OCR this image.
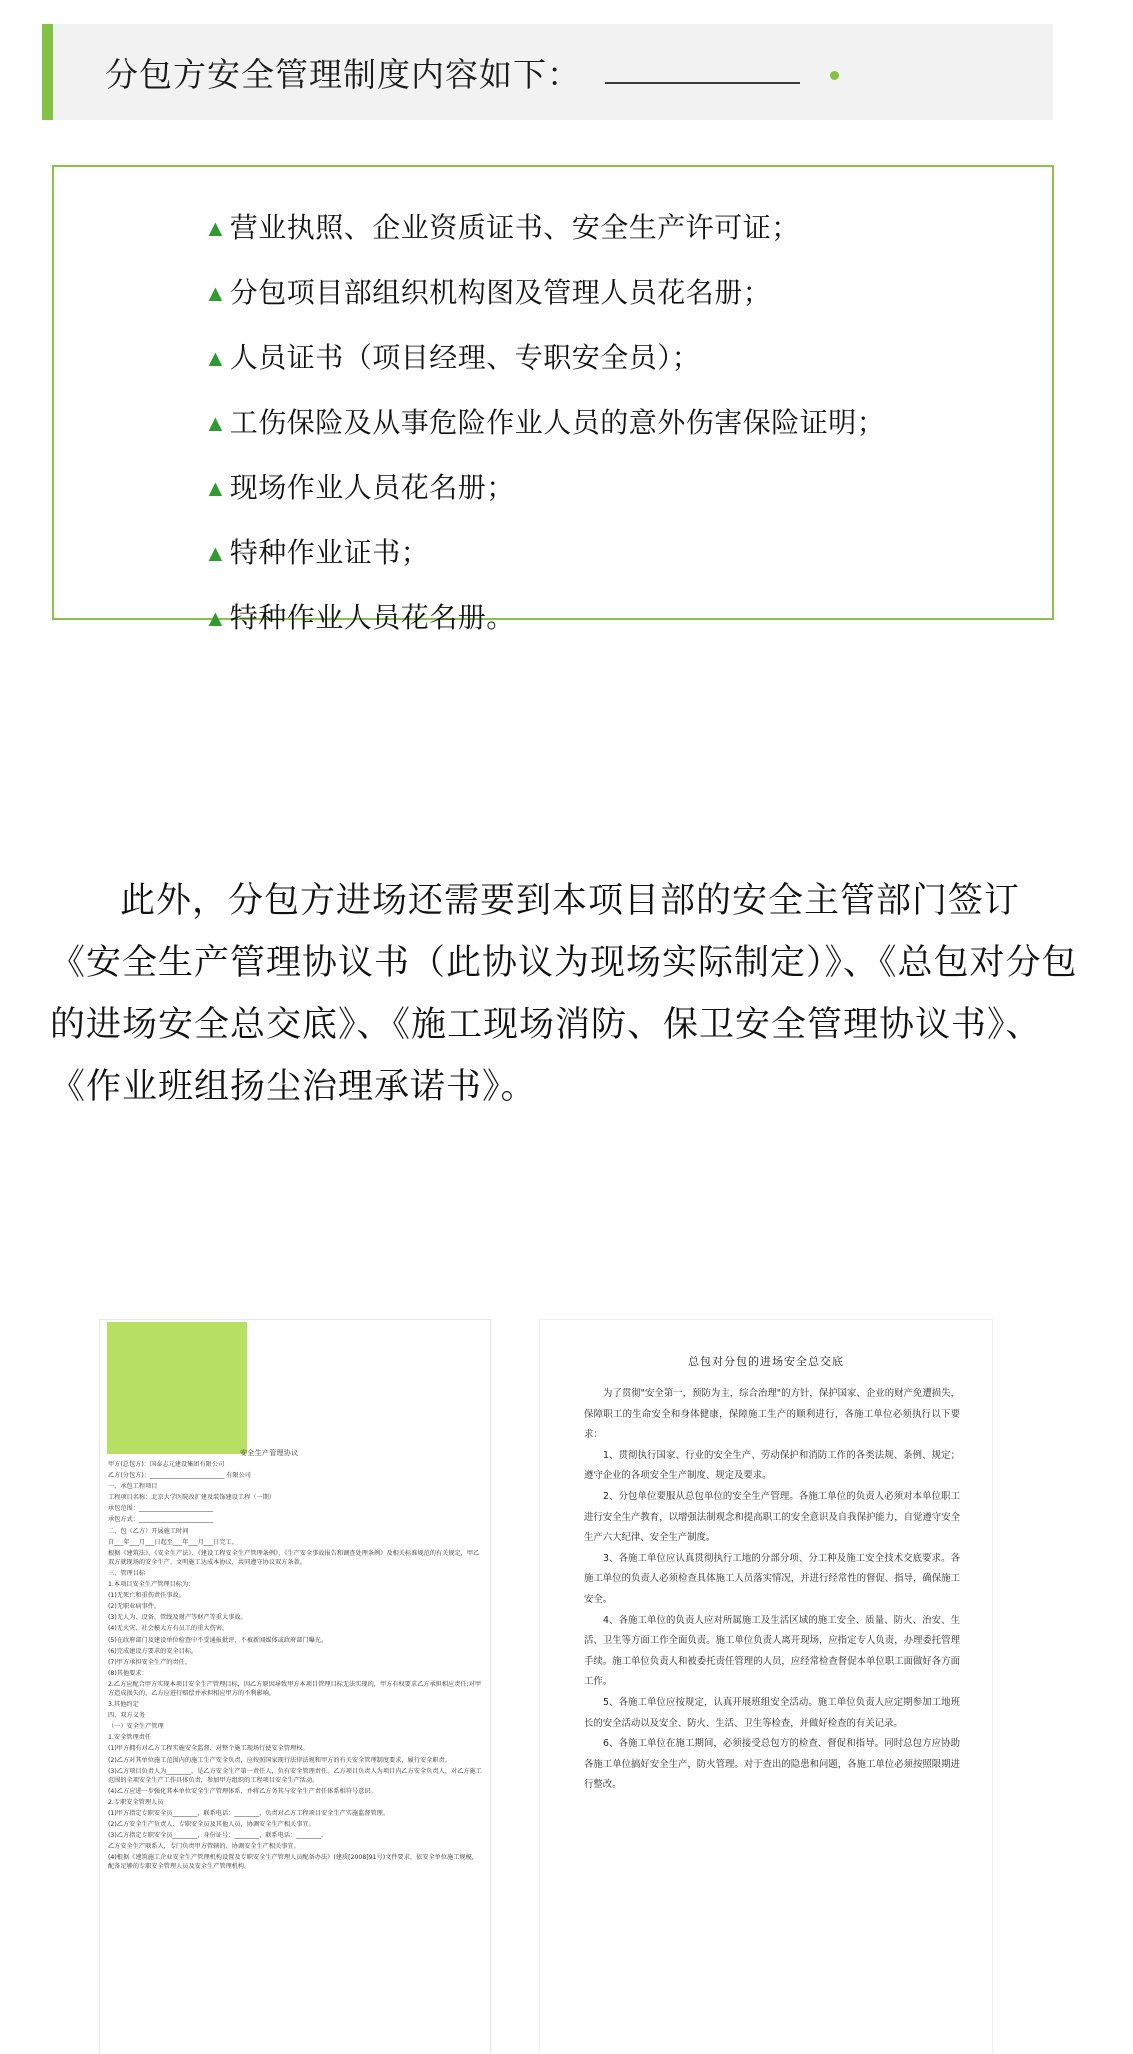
分包方安全管理制度内容如下：
▲ 营业执照、企业资质证书、安全生产许可证；
▲ 分包项目部组织机构图及管理人员花名册；
▲ 人员证书（项目经理、专职安全员）；
▲ 工伤保险及从事危险作业人员的意外伤害保险证明；
▲ 现场作业人员花名册；
▲ 特种作业证书；
▲ 特种作业人员花名册。
此外，分包方进场还需要到本项目部的安全主管部门签订《安全生产管理协议书（此协议为现场实际制定）》、《总包对分包的进场安全总交底》、《施工现场消防、保卫安全管理协议书》、《作业班组扬尘治理承诺书》。
安全生产管理协议

甲方(总包方)：国泰志元建设集团有限公司

乙方(分包方)：________________________ 有限公司

一、承包工程项目

工程项目名称：北京大学医院改扩建及装饰建设工程（一期）

承包范围：________________________

承包方式：________________________

二、包（乙方）开展施工时间

自___年___月___日起至___年___月___日完工。

根据《建筑法》、《安全生产法》、《建设工程安全生产管理条例》、《生产安全事故报告和调查处理条例》及相关标准规范的有关规定，甲乙双方就现场的安全生产、文明施工达成本协议，共同遵守协议双方条款。

三、管理目标

1.本项目安全生产管理目标为：

(1)无死亡和重伤责任事故。

(2)无职业病事件。

(3)无人为、设备、管线及财产等财产等重大事故。

(4)无火灾、社会模大方有员工的重大伤害。

(5)在政府部门及建设单位检查中不受通报批评、不被新闻媒体或政府部门曝光。

(6)完成建设方要求的安全目标。

(7)甲方承担安全生产的责任。

(8)其他要求：

2.乙方应配合甲方实现本项目安全生产管理目标，因乙方原因导致甲方本项目管理目标无法实现的，甲方有权要求乙方承担相应责任;对甲方造成损失的，乙方应进行赔偿并承担相应甲方的不利影响。

3.其他约定

四、双方义务

（一）安全生产管理

1.安全管理责任

(1)甲方拥有对乙方工程实施安全监督、对整个施工现场行使安全管理权。

(2)乙方对其单位施工范围内的施工生产安全负责，应按照国家现行法律法规和甲方的有关安全管理制度要求，履行安全职责。

(3)乙方项目负责人为________，是乙方安全生产第一责任人，负有安全管理责任。乙方项目负责人为项目内乙方安全负责人，对乙方施工范围的全项安全生产工作具体负责，参加甲方组织的工程项目安全生产活动。

(4)乙方应进一步强化其本单位安全生产管理体系，并将乙方务其与安全生产责任体系相符号意识。

2.专职安全管理人员

(1)甲方指定专职安全员________，联系电话：________，负责对乙方工程项目安全生产实施监督管理。

(2)乙方安全生产负责人、专职安全员及其他人员，协调安全生产相关事宜。

(3)乙方指定专职安全员________，身份证号：________，联系电话：________。

乙方安全生产联系人，专门负责甲方管辖的、协调安全生产相关事宜。

(4)根据《建筑施工企业安全生产管理机构设置及专职安全生产管理人员配备办法》(建质[2008]91号)文件要求，依安全单位施工规模，配备足够的专职安全管理人员及安全生产管理机构。

总包对分包的进场安全总交底

为了贯彻"安全第一，预防为主，综合治理"的方针，保护国家、企业的财产免遭损失，保障职工的生命安全和身体健康，保障施工生产的顺利进行，各施工单位必须执行以下要求：

1、贯彻执行国家、行业的安全生产、劳动保护和消防工作的各类法规、条例、规定；遵守企业的各项安全生产制度、规定及要求。

2、分包单位要服从总包单位的安全生产管理。各施工单位的负责人必须对本单位职工进行安全生产教育，以增强法制观念和提高职工的安全意识及自我保护能力，自觉遵守安全生产六大纪律、安全生产制度。

3、各施工单位应认真贯彻执行工地的分部分项、分工种及施工安全技术交底要求。各施工单位的负责人必须检查具体施工人员落实情况，并进行经常性的督促、指导，确保施工安全。

4、各施工单位的负责人应对所属施工及生活区域的施工安全、质量、防火、治安、生活、卫生等方面工作全面负责。施工单位负责人离开现场，应指定专人负责，办理委托管理手续。施工单位负责人和被委托责任管理的人员，应经常检查督促本单位职工面做好各方面工作。

5、各施工单位应按规定，认真开展班组安全活动。施工单位负责人应定期参加工地班长的安全活动以及安全、防火、生活、卫生等检查，并做好检查的有关记录。

6、各施工单位在施工期间，必须接受总包方的检查、督促和指导。同时总包方应协助各施工单位搞好安全生产，防火管理。对于查出的隐患和问题，各施工单位必须按照限期进行整改。
